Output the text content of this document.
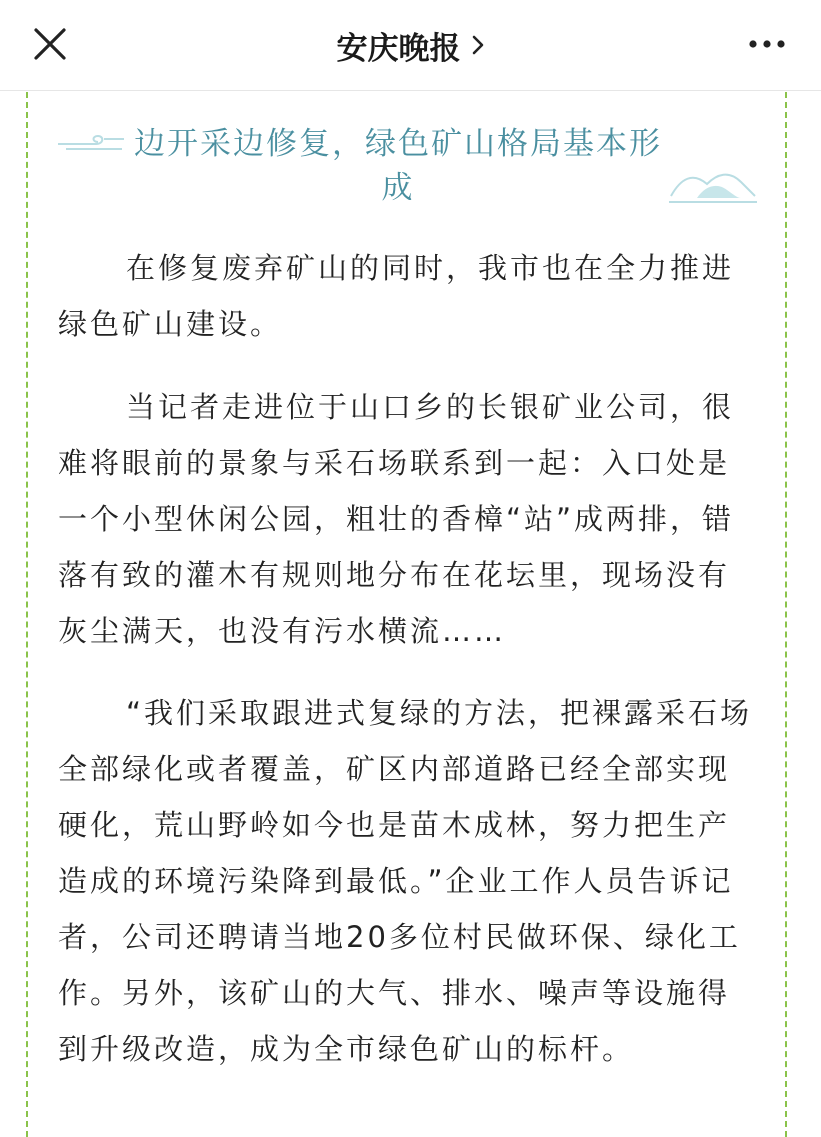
安庆晚报
边开采边修复，绿色矿山格局基本形成
在修复废弃矿山的同时，我市也在全力推进绿色矿山建设。
当记者走进位于山口乡的长银矿业公司，很难将眼前的景象与采石场联系到一起：入口处是一个小型休闲公园，粗壮的香樟“站”成两排，错落有致的灌木有规则地分布在花坛里，现场没有灰尘满天，也没有污水横流……
“我们采取跟进式复绿的方法，把裸露采石场全部绿化或者覆盖，矿区内部道路已经全部实现硬化，荒山野岭如今也是苗木成林，努力把生产造成的环境污染降到最低。”企业工作人员告诉记者，公司还聘请当地20多位村民做环保、绿化工作。另外，该矿山的大气、排水、噪声等设施得到升级改造，成为全市绿色矿山的标杆。
